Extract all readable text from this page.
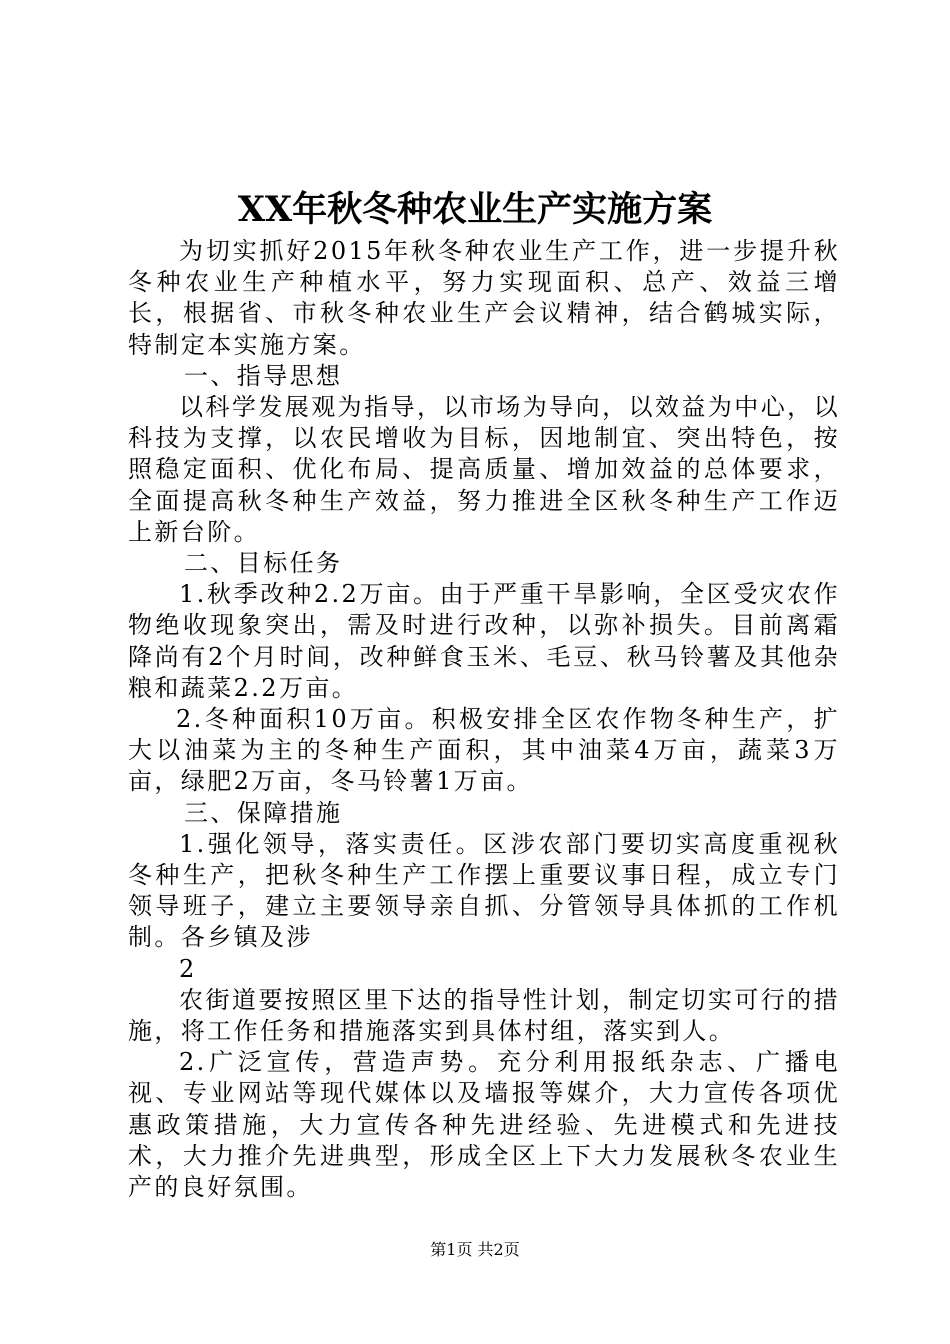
XX年秋冬种农业生产实施方案

为切实抓好2015年秋冬种农业生产工作，进一步提升秋冬种农业生产种植水平，努力实现面积、总产、效益三增长，根据省、市秋冬种农业生产会议精神，结合鹤城实际，特制定本实施方案。

一、指导思想

以科学发展观为指导，以市场为导向，以效益为中心，以科技为支撑，以农民增收为目标，因地制宜、突出特色，按照稳定面积、优化布局、提高质量、增加效益的总体要求，全面提高秋冬种生产效益，努力推进全区秋冬种生产工作迈上新台阶。

二、目标任务

1.秋季改种2.2万亩。由于严重干旱影响，全区受灾农作物绝收现象突出，需及时进行改种，以弥补损失。目前离霜降尚有2个月时间，改种鲜食玉米、毛豆、秋马铃薯及其他杂粮和蔬菜2.2万亩。

2.冬种面积10万亩。积极安排全区农作物冬种生产，扩大以油菜为主的冬种生产面积，其中油菜4万亩，蔬菜3万亩，绿肥2万亩，冬马铃薯1万亩。

三、保障措施

1.强化领导，落实责任。区涉农部门要切实高度重视秋冬种生产，把秋冬种生产工作摆上重要议事日程，成立专门领导班子，建立主要领导亲自抓、分管领导具体抓的工作机制。各乡镇及涉

2

农街道要按照区里下达的指导性计划，制定切实可行的措施，将工作任务和措施落实到具体村组，落实到人。

2.广泛宣传，营造声势。充分利用报纸杂志、广播电视、专业网站等现代媒体以及墙报等媒介，大力宣传各项优惠政策措施，大力宣传各种先进经验、先进模式和先进技术，大力推介先进典型，形成全区上下大力发展秋冬农业生产的良好氛围。

第1页 共2页
